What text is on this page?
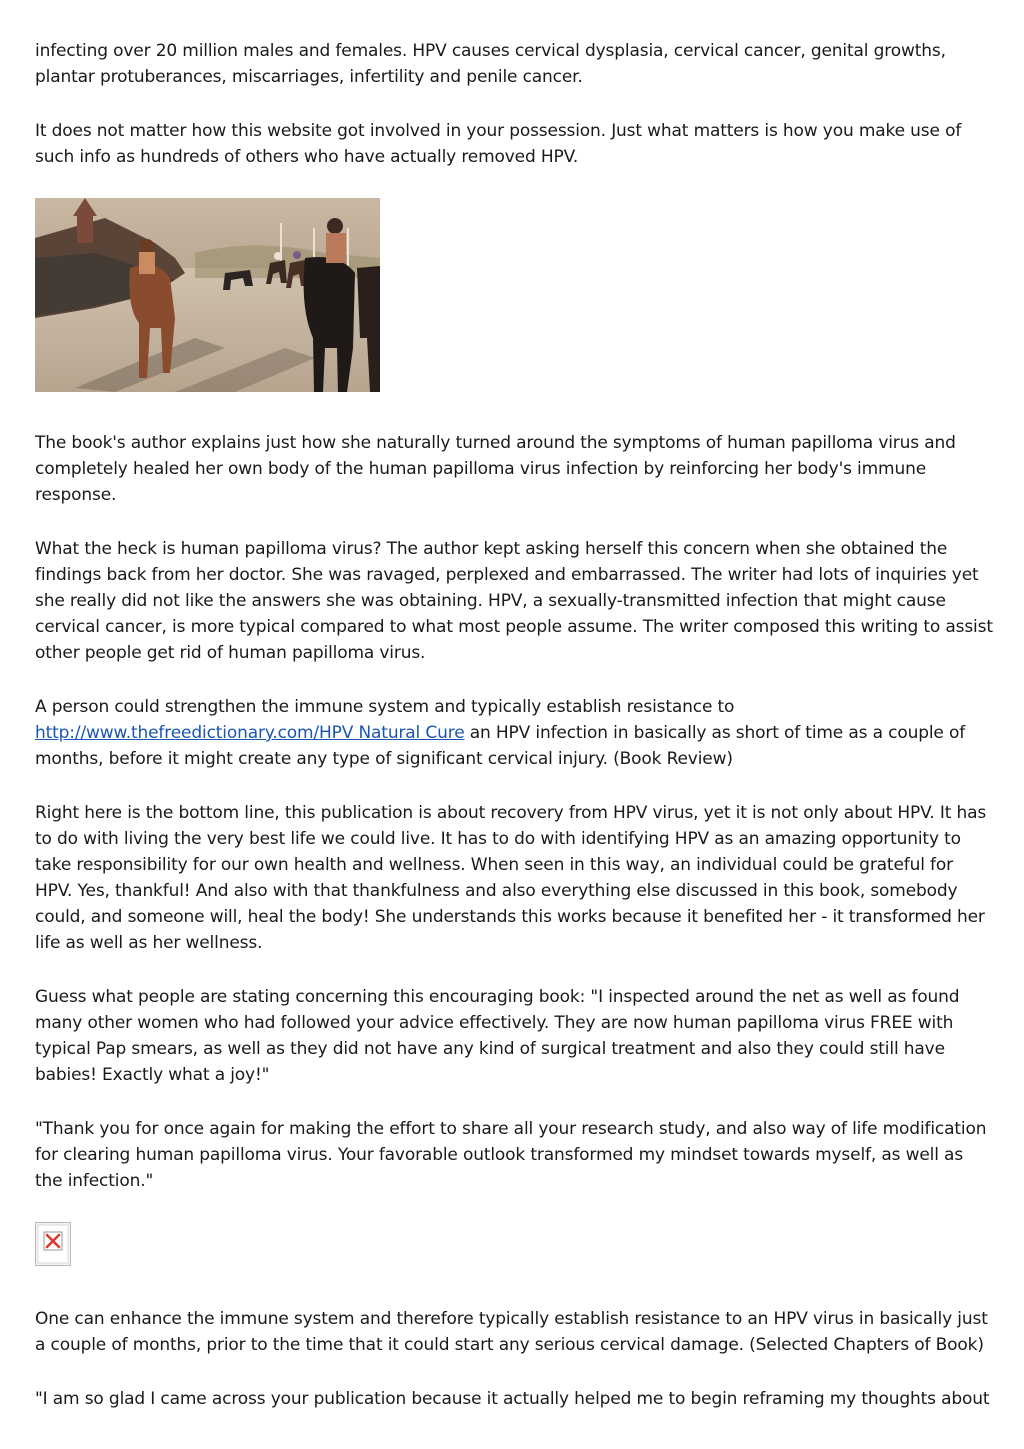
infecting over 20 million males and females. HPV causes cervical dysplasia, cervical cancer, genital growths, plantar protuberances, miscarriages, infertility and penile cancer.

It does not matter how this website got involved in your possession. Just what matters is how you make use of such info as hundreds of others who have actually removed HPV.

The book's author explains just how she naturally turned around the symptoms of human papilloma virus and completely healed her own body of the human papilloma virus infection by reinforcing her body's immune response.

What the heck is human papilloma virus? The author kept asking herself this concern when she obtained the findings back from her doctor. She was ravaged, perplexed and embarrassed. The writer had lots of inquiries yet she really did not like the answers she was obtaining. HPV, a sexually-transmitted infection that might cause cervical cancer, is more typical compared to what most people assume. The writer composed this writing to assist other people get rid of human papilloma virus.

A person could strengthen the immune system and typically establish resistance to http://www.thefreedictionary.com/HPV Natural Cure an HPV infection in basically as short of time as a couple of months, before it might create any type of significant cervical injury. (Book Review)

Right here is the bottom line, this publication is about recovery from HPV virus, yet it is not only about HPV. It has to do with living the very best life we could live. It has to do with identifying HPV as an amazing opportunity to take responsibility for our own health and wellness. When seen in this way, an individual could be grateful for HPV. Yes, thankful! And also with that thankfulness and also everything else discussed in this book, somebody could, and someone will, heal the body! She understands this works because it benefited her - it transformed her life as well as her wellness.

Guess what people are stating concerning this encouraging book: "I inspected around the net as well as found many other women who had followed your advice effectively. They are now human papilloma virus FREE with typical Pap smears, as well as they did not have any kind of surgical treatment and also they could still have babies! Exactly what a joy!"

"Thank you for once again for making the effort to share all your research study, and also way of life modification for clearing human papilloma virus. Your favorable outlook transformed my mindset towards myself, as well as the infection."

One can enhance the immune system and therefore typically establish resistance to an HPV virus in basically just a couple of months, prior to the time that it could start any serious cervical damage. (Selected Chapters of Book)

"I am so glad I came across your publication because it actually helped me to begin reframing my thoughts about
